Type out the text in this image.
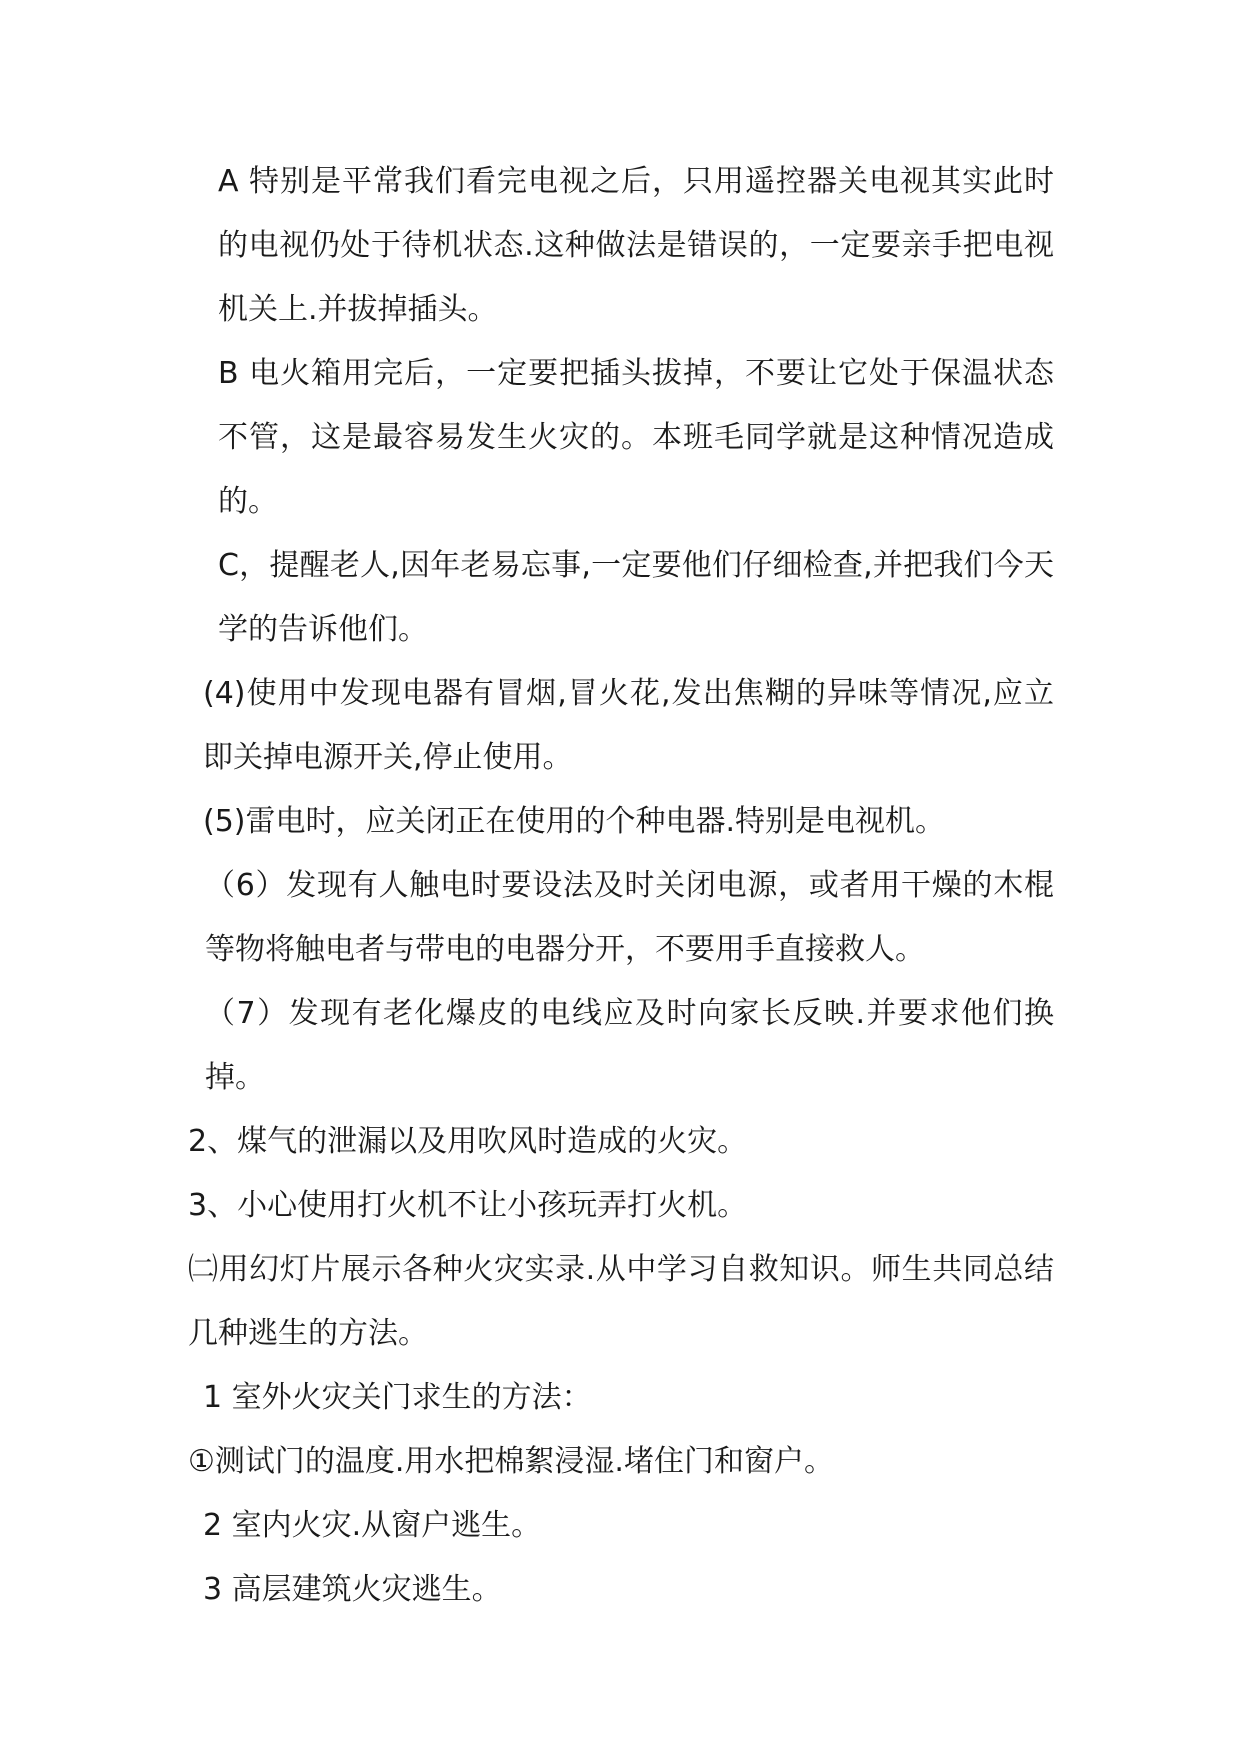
A 特别是平常我们看完电视之后，只用遥控器关电视其实此时的电视仍处于待机状态.这种做法是错误的，一定要亲手把电视机关上.并拔掉插头。

B 电火箱用完后，一定要把插头拔掉，不要让它处于保温状态不管，这是最容易发生火灾的。本班毛同学就是这种情况造成的。

C，提醒老人,因年老易忘事,一定要他们仔细检查,并把我们今天学的告诉他们。

(4)使用中发现电器有冒烟,冒火花,发出焦糊的异味等情况,应立即关掉电源开关,停止使用。

(5)雷电时，应关闭正在使用的个种电器.特别是电视机。

（6）发现有人触电时要设法及时关闭电源，或者用干燥的木棍等物将触电者与带电的电器分开，不要用手直接救人。

（7）发现有老化爆皮的电线应及时向家长反映.并要求他们换掉。

2、煤气的泄漏以及用吹风时造成的火灾。

3、小心使用打火机不让小孩玩弄打火机。

㈡用幻灯片展示各种火灾实录.从中学习自救知识。师生共同总结几种逃生的方法。

1 室外火灾关门求生的方法：

①测试门的温度.用水把棉絮浸湿.堵住门和窗户。

2 室内火灾.从窗户逃生。

3 高层建筑火灾逃生。
